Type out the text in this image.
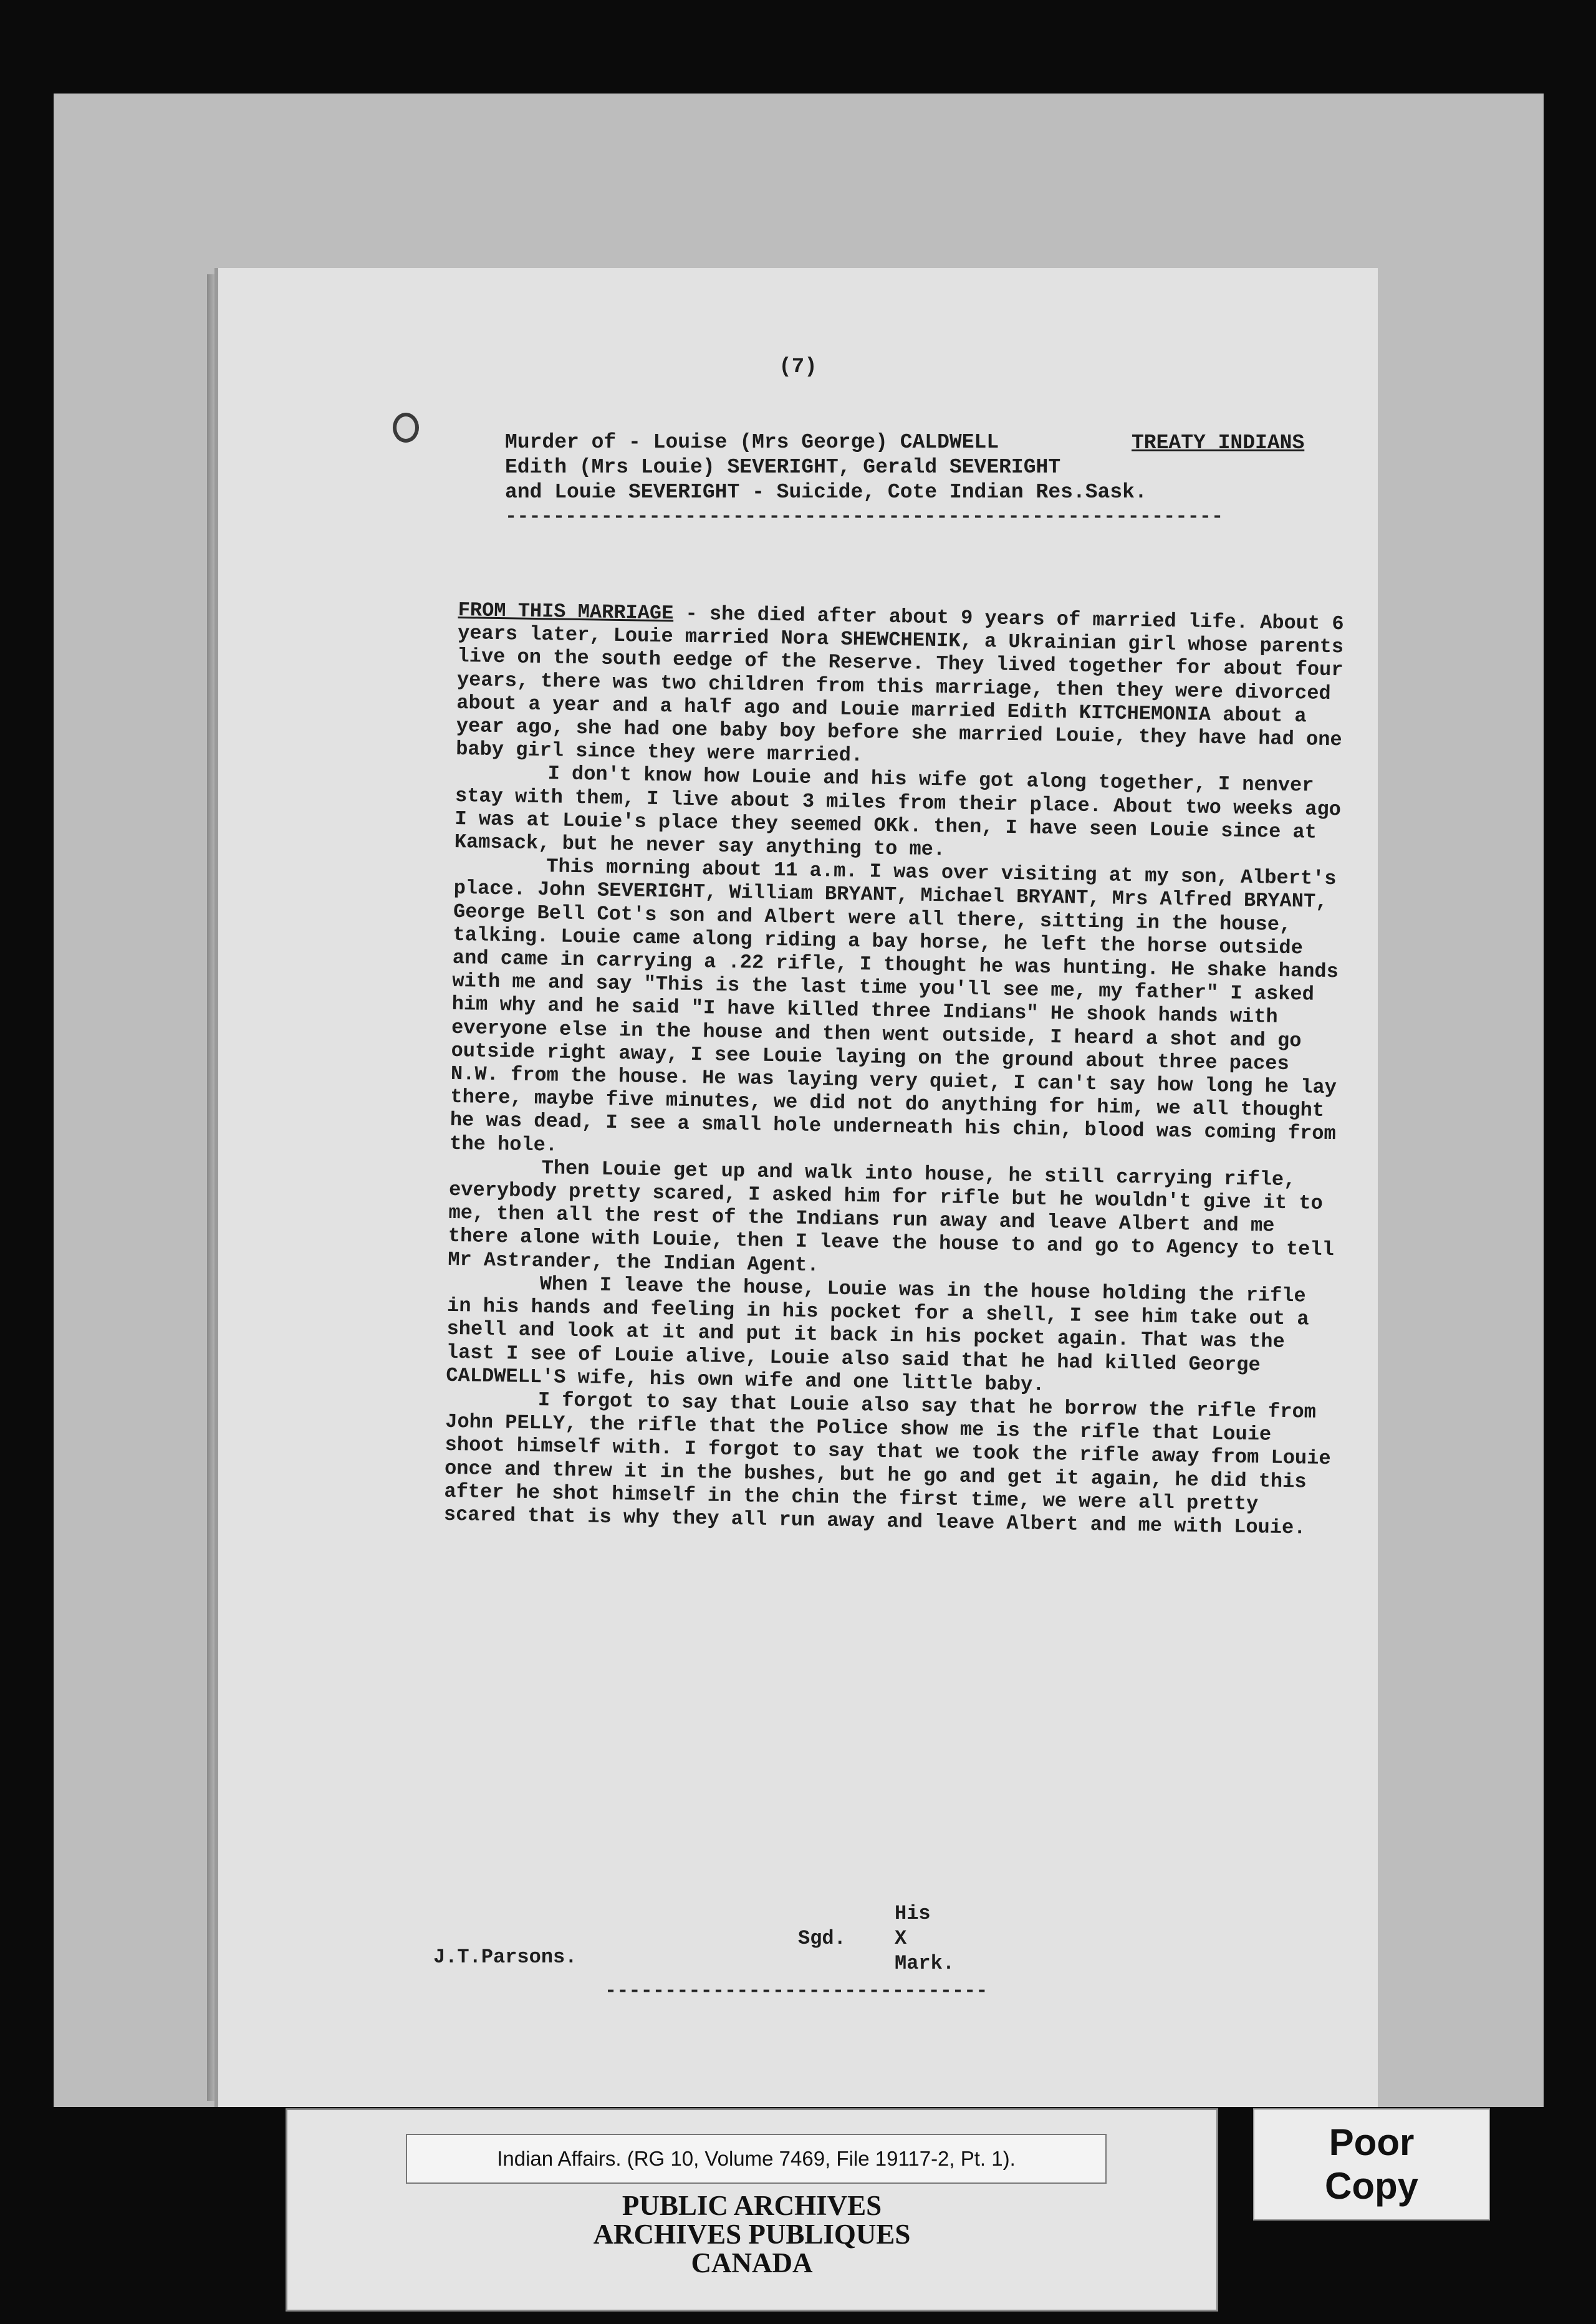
(7)
Murder of - Louise (Mrs George) CALDWELL
Edith (Mrs Louie) SEVERIGHT, Gerald SEVERIGHT
and Louie SEVERIGHT - Suicide, Cote Indian Res.Sask.
TREATY INDIANS
------------------------------------------------------------

FROM THIS MARRIAGE - she died after about 9 years of married life. About 6 years later, Louie married Nora SHEWCHENIK, a Ukrainian girl whose parents live on the south eedge of the Reserve. They lived together for about four years, there was two children from this marriage, then they were divorced about a year and a half ago and Louie married Edith KITCHEMONIA about a year ago, she had one baby boy before she married Louie, they have had one baby girl since they were married.

I don't know how Louie and his wife got along together, I nenver stay with them, I live about 3 miles from their place. About two weeks ago I was at Louie's place they seemed OKk. then, I have seen Louie since at Kamsack, but he never say anything to me.

This morning about 11 a.m. I was over visiting at my son, Albert's place. John SEVERIGHT, William BRYANT, Michael BRYANT, Mrs Alfred BRYANT, George Bell Cot's son and Albert were all there, sitting in the house, talking. Louie came along riding a bay horse, he left the horse outside and came in carrying a .22 rifle, I thought he was hunting. He shake hands with me and say "This is the last time you'll see me, my father" I asked him why and he said "I have killed three Indians" He shook hands with everyone else in the house and then went outside, I heard a shot and go outside right away, I see Louie laying on the ground about three paces N.W. from the house. He was laying very quiet, I can't say how long he lay there, maybe five minutes, we did not do anything for him, we all thought he was dead, I see a small hole underneath his chin, blood was coming from the hole.

Then Louie get up and walk into house, he still carrying rifle, everybody pretty scared, I asked him for rifle but he wouldn't give it to me, then all the rest of the Indians run away and leave Albert and me there alone with Louie, then I leave the house to and go to Agency to tell Mr Astrander, the Indian Agent.

When I leave the house, Louie was in the house holding the rifle in his hands and feeling in his pocket for a shell, I see him take out a shell and look at it and put it back in his pocket again. That was the last I see of Louie alive, Louie also said that he had killed George CALDWELL'S wife, his own wife and one little baby.

I forgot to say that Louie also say that he borrow the rifle from John PELLY, the rifle that the Police show me is the rifle that Louie shoot himself with. I forgot to say that we took the rifle away from Louie once and threw it in the bushes, but he go and get it again, he did this after he shot himself in the chin the first time, we were all pretty scared that is why they all run away and leave Albert and me with Louie.

J.T.Parsons.
Sgd.
His
X
Mark.
--------------------------------
Indian Affairs. (RG 10, Volume 7469, File 19117-2, Pt. 1).
PUBLIC ARCHIVES
ARCHIVES PUBLIQUES
CANADA
Poor
Copy
